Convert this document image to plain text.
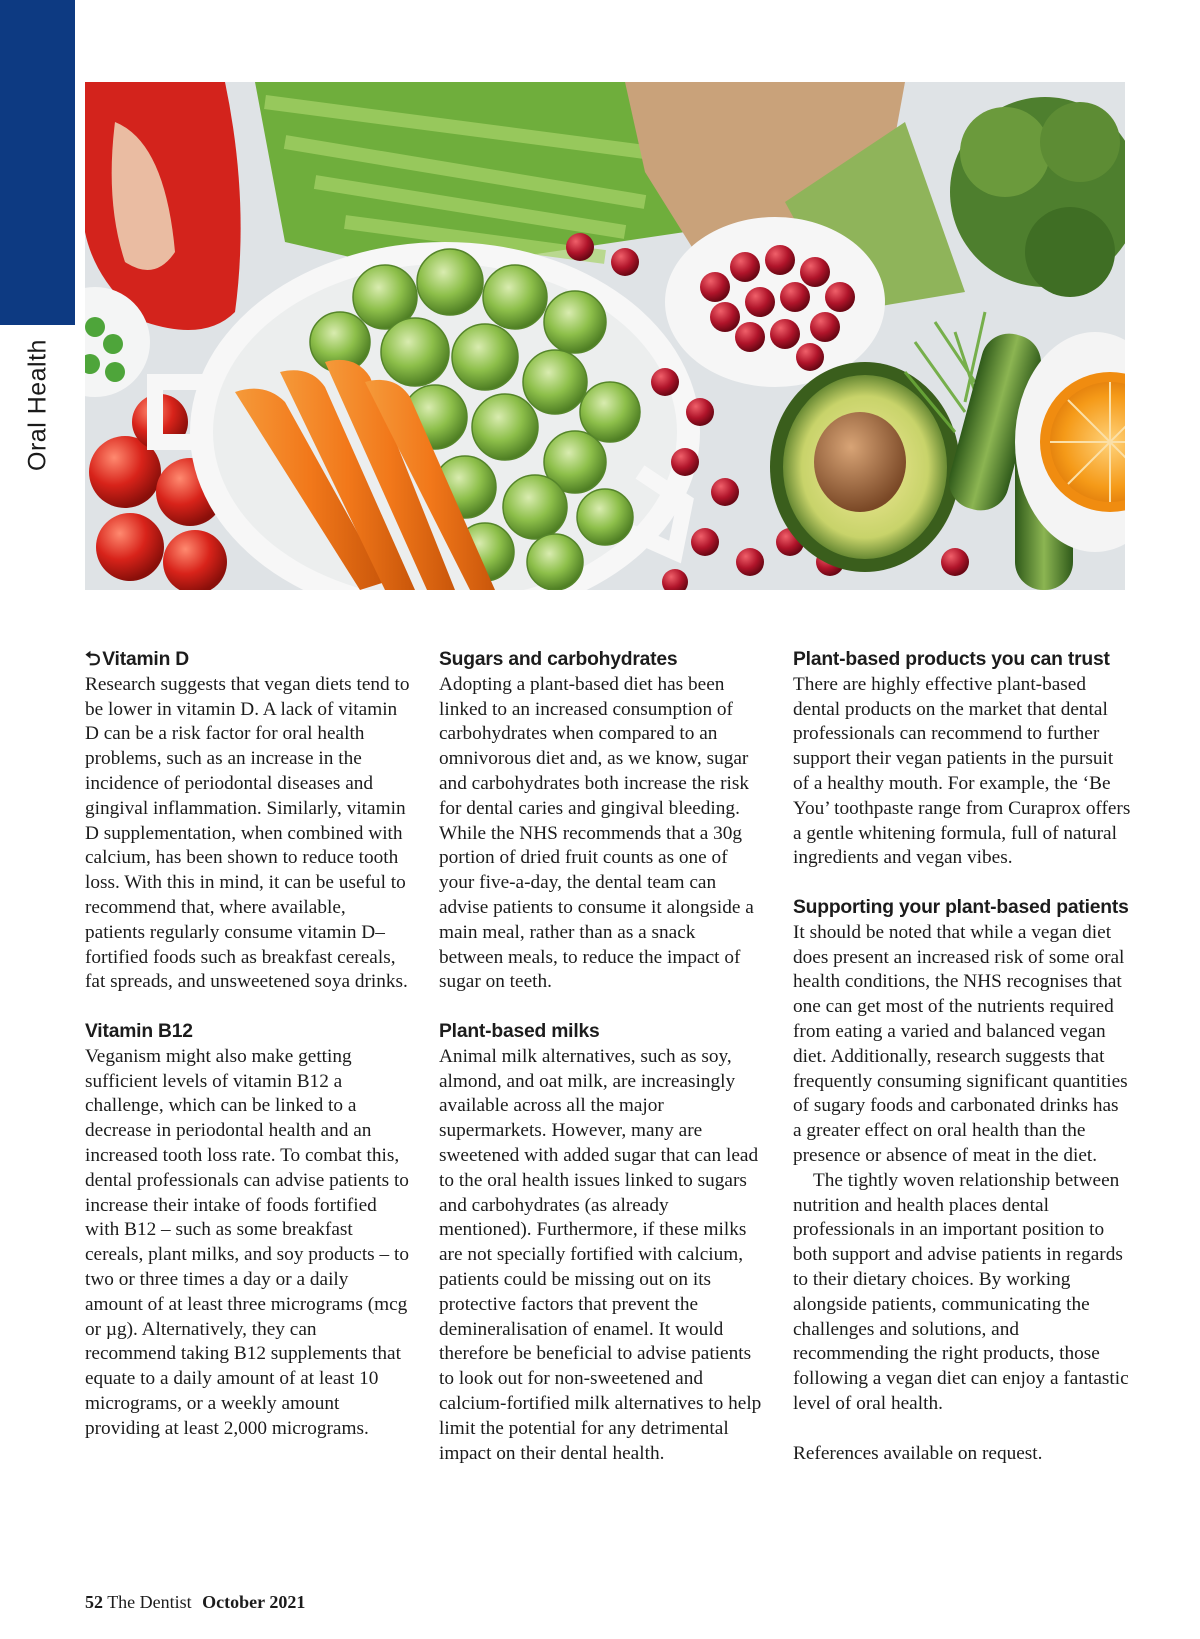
Oral Health
⮌ Vitamin D

Research suggests that vegan diets tend to be lower in vitamin D. A lack of vitamin D can be a risk factor for oral health problems, such as an increase in the incidence of periodontal diseases and gingival inflammation. Similarly, vitamin D supplementation, when combined with calcium, has been shown to reduce tooth loss. With this in mind, it can be useful to recommend that, where available, patients regularly consume vitamin D–fortified foods such as breakfast cereals, fat spreads, and unsweetened soya drinks.

Vitamin B12

Veganism might also make getting sufficient levels of vitamin B12 a challenge, which can be linked to a decrease in periodontal health and an increased tooth loss rate. To combat this, dental professionals can advise patients to increase their intake of foods fortified with B12 – such as some breakfast cereals, plant milks, and soy products – to two or three times a day or a daily amount of at least three micrograms (mcg or µg). Alternatively, they can recommend taking B12 supplements that equate to a daily amount of at least 10 micrograms, or a weekly amount providing at least 2,000 micrograms.

Sugars and carbohydrates

Adopting a plant-based diet has been linked to an increased consumption of carbohydrates when compared to an omnivorous diet and, as we know, sugar and carbohydrates both increase the risk for dental caries and gingival bleeding. While the NHS recommends that a 30g portion of dried fruit counts as one of your five-a-day, the dental team can advise patients to consume it alongside a main meal, rather than as a snack between meals, to reduce the impact of sugar on teeth.

Plant-based milks

Animal milk alternatives, such as soy, almond, and oat milk, are increasingly available across all the major supermarkets. However, many are sweetened with added sugar that can lead to the oral health issues linked to sugars and carbohydrates (as already mentioned). Furthermore, if these milks are not specially fortified with calcium, patients could be missing out on its protective factors that prevent the demineralisation of enamel. It would therefore be beneficial to advise patients to look out for non-sweetened and calcium-fortified milk alternatives to help limit the potential for any detrimental impact on their dental health.

Plant-based products you can trust

There are highly effective plant-based dental products on the market that dental professionals can recommend to further support their vegan patients in the pursuit of a healthy mouth. For example, the ‘Be You’ toothpaste range from Curaprox offers a gentle whitening formula, full of natural ingredients and vegan vibes.

Supporting your plant-based patients

It should be noted that while a vegan diet does present an increased risk of some oral health conditions, the NHS recognises that one can get most of the nutrients required from eating a varied and balanced vegan diet. Additionally, research suggests that frequently consuming significant quantities of sugary foods and carbonated drinks has a greater effect on oral health than the presence or absence of meat in the diet.

The tightly woven relationship between nutrition and health places dental professionals in an important position to both support and advise patients in regards to their dietary choices. By working alongside patients, communicating the challenges and solutions, and recommending the right products, those following a vegan diet can enjoy a fantastic level of oral health.

References available on request.

52 The Dentist October 2021
